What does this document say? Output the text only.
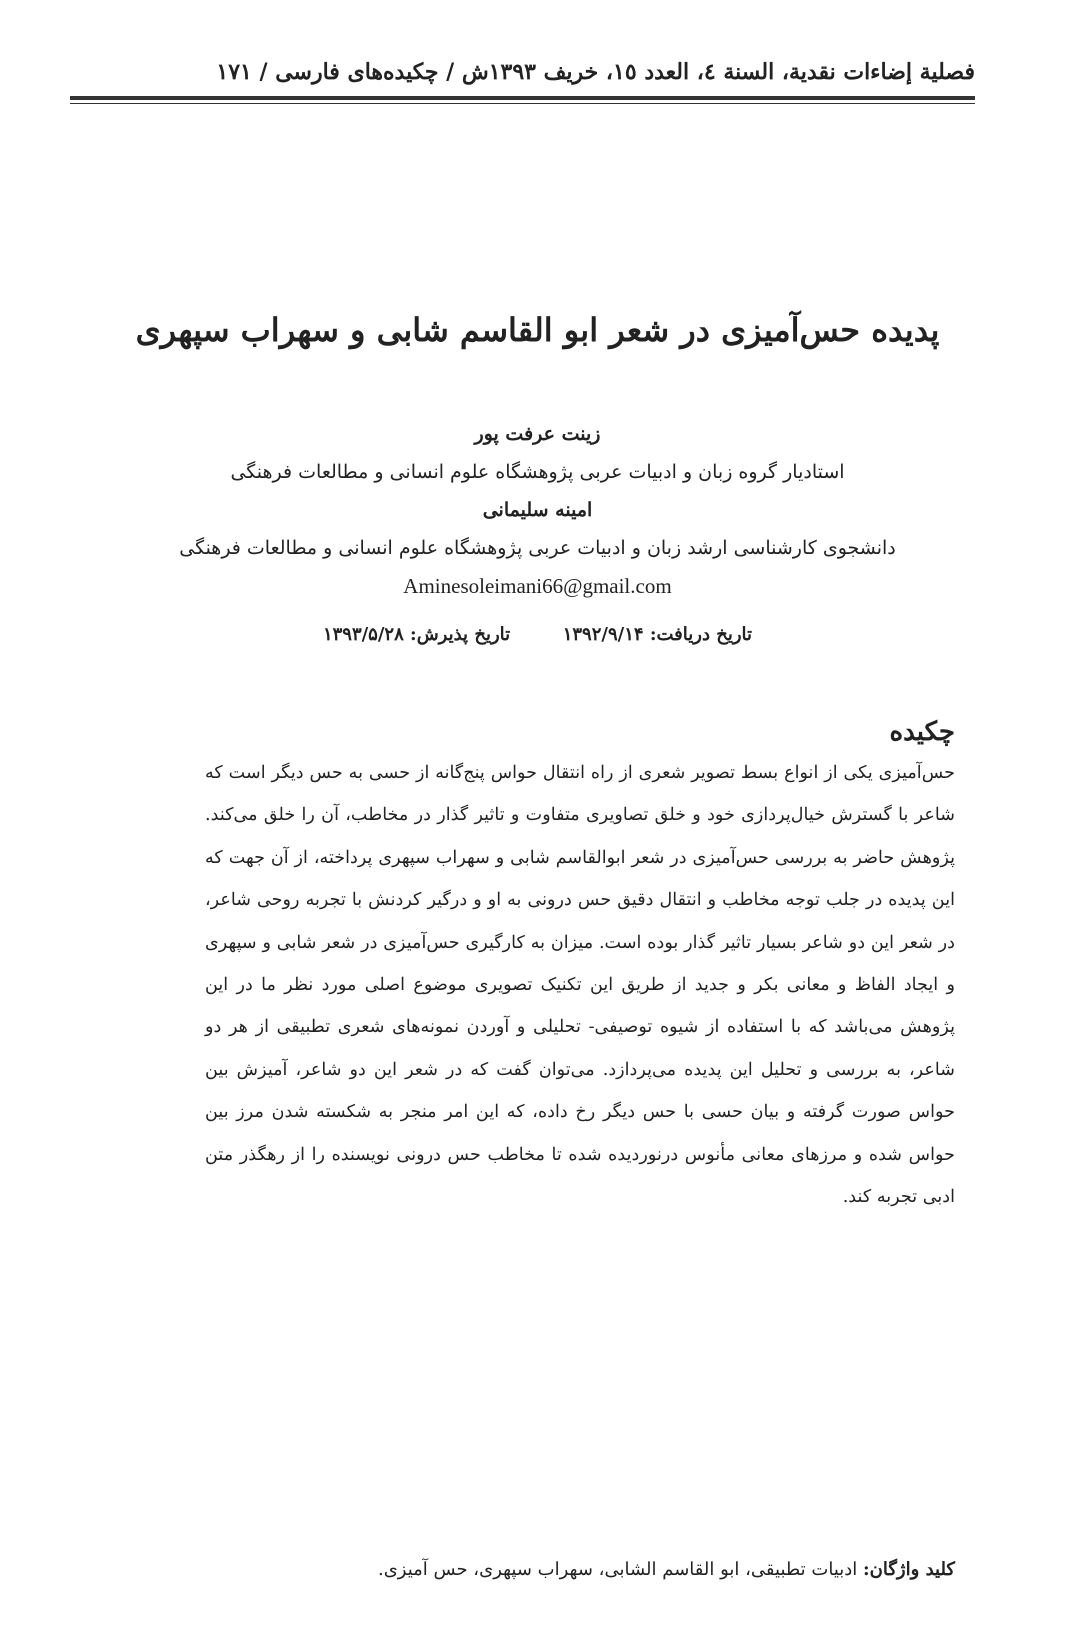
فصلية إضاءات نقدية، السنة ٤، العدد ١٥، خریف ۱۳۹۳ش / چکیده‌های فارسی / ۱۷۱
پدیده حس‌آمیزی در شعر ابو القاسم شابی و سهراب سپهری
زینت عرفت پور
استادیار گروه زبان و ادبیات عربی پژوهشگاه علوم انسانی و مطالعات فرهنگی
امینه سلیمانی
دانشجوی کارشناسی ارشد زبان و ادبیات عربی پژوهشگاه علوم انسانی و مطالعات فرهنگی
Aminesoleimani66@gmail.com
تاریخ دریافت: ۱۳۹۲/۹/۱۴  تاریخ پذیرش: ۱۳۹۳/۵/۲۸
چکیده
حس‌آمیزی یکی از انواع بسط تصویر شعری از راه انتقال حواس پنج‌گانه از حسی به حس دیگر است که شاعر با گسترش خیال‌پردازی خود و خلق تصاویری متفاوت و تاثیر گذار در مخاطب، آن را خلق می‌کند. پژوهش حاضر به بررسی حس‌آمیزی در شعر ابوالقاسم شابی و سهراب سپهری پرداخته، از آن جهت که این پدیده در جلب توجه مخاطب و انتقال دقیق حس درونی به او و درگیر کردنش با تجربه روحی شاعر، در شعر این دو شاعر بسیار تاثیر گذار بوده است. میزان به کارگیری حس‌آمیزی در شعر شابی و سپهری و ایجاد الفاظ و معانی بکر و جدید از طریق این تکنیک تصویری موضوع اصلی مورد نظر ما در این پژوهش می‌باشد که با استفاده از شیوه توصیفی- تحلیلی و آوردن نمونه‌های شعری تطبیقی از هر دو شاعر، به بررسی و تحلیل این پدیده می‌پردازد. می‌توان گفت که در شعر این دو شاعر، آمیزش بین حواس صورت گرفته و بیان حسی با حس دیگر رخ داده، که این امر منجر به شکسته شدن مرز بین حواس شده و مرزهای معانی مأنوس درنوردیده شده تا مخاطب حس درونی نویسنده را از رهگذر متن ادبی تجربه کند.
کلید واژگان: ادبیات تطبیقی، ابو القاسم الشابی، سهراب سپهری، حس آمیزی.
